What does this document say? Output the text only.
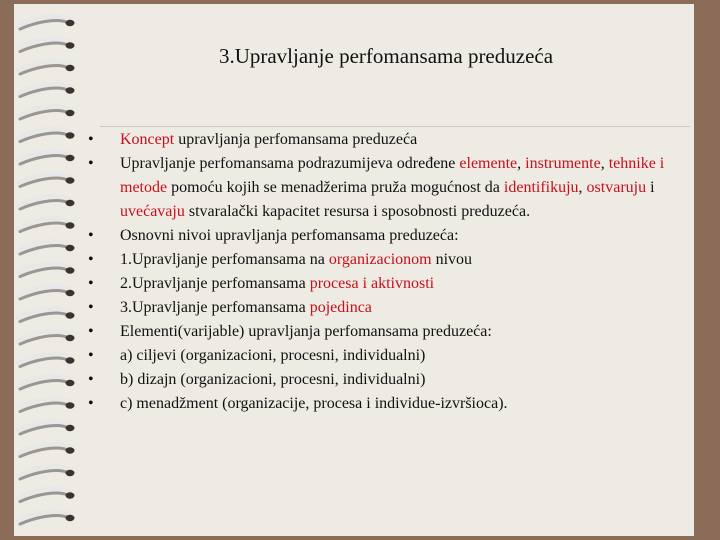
3.Upravljanje perfomansama preduzeća
•	Koncept upravljanja perfomansama preduzeća
•	Upravljanje perfomansama podrazumijeva određene elemente, instrumente, tehnike i metode pomoću kojih se menadžerima pruža mogućnost da identifikuju, ostvaruju i uvećavaju stvaralački kapacitet resursa i sposobnosti preduzeća.
•	Osnovni nivoi upravljanja perfomansama preduzeća:
•	1.Upravljanje perfomansama na organizacionom nivou
•	2.Upravljanje perfomansama procesa i aktivnosti
•	3.Upravljanje perfomansama pojedinca
•	Elementi(varijable) upravljanja perfomansama preduzeća:
•	a) ciljevi (organizacioni, procesni, individualni)
•	b) dizajn (organizacioni, procesni, individualni)
•	c) menadžment (organizacije, procesa i individue-izvršioca).
